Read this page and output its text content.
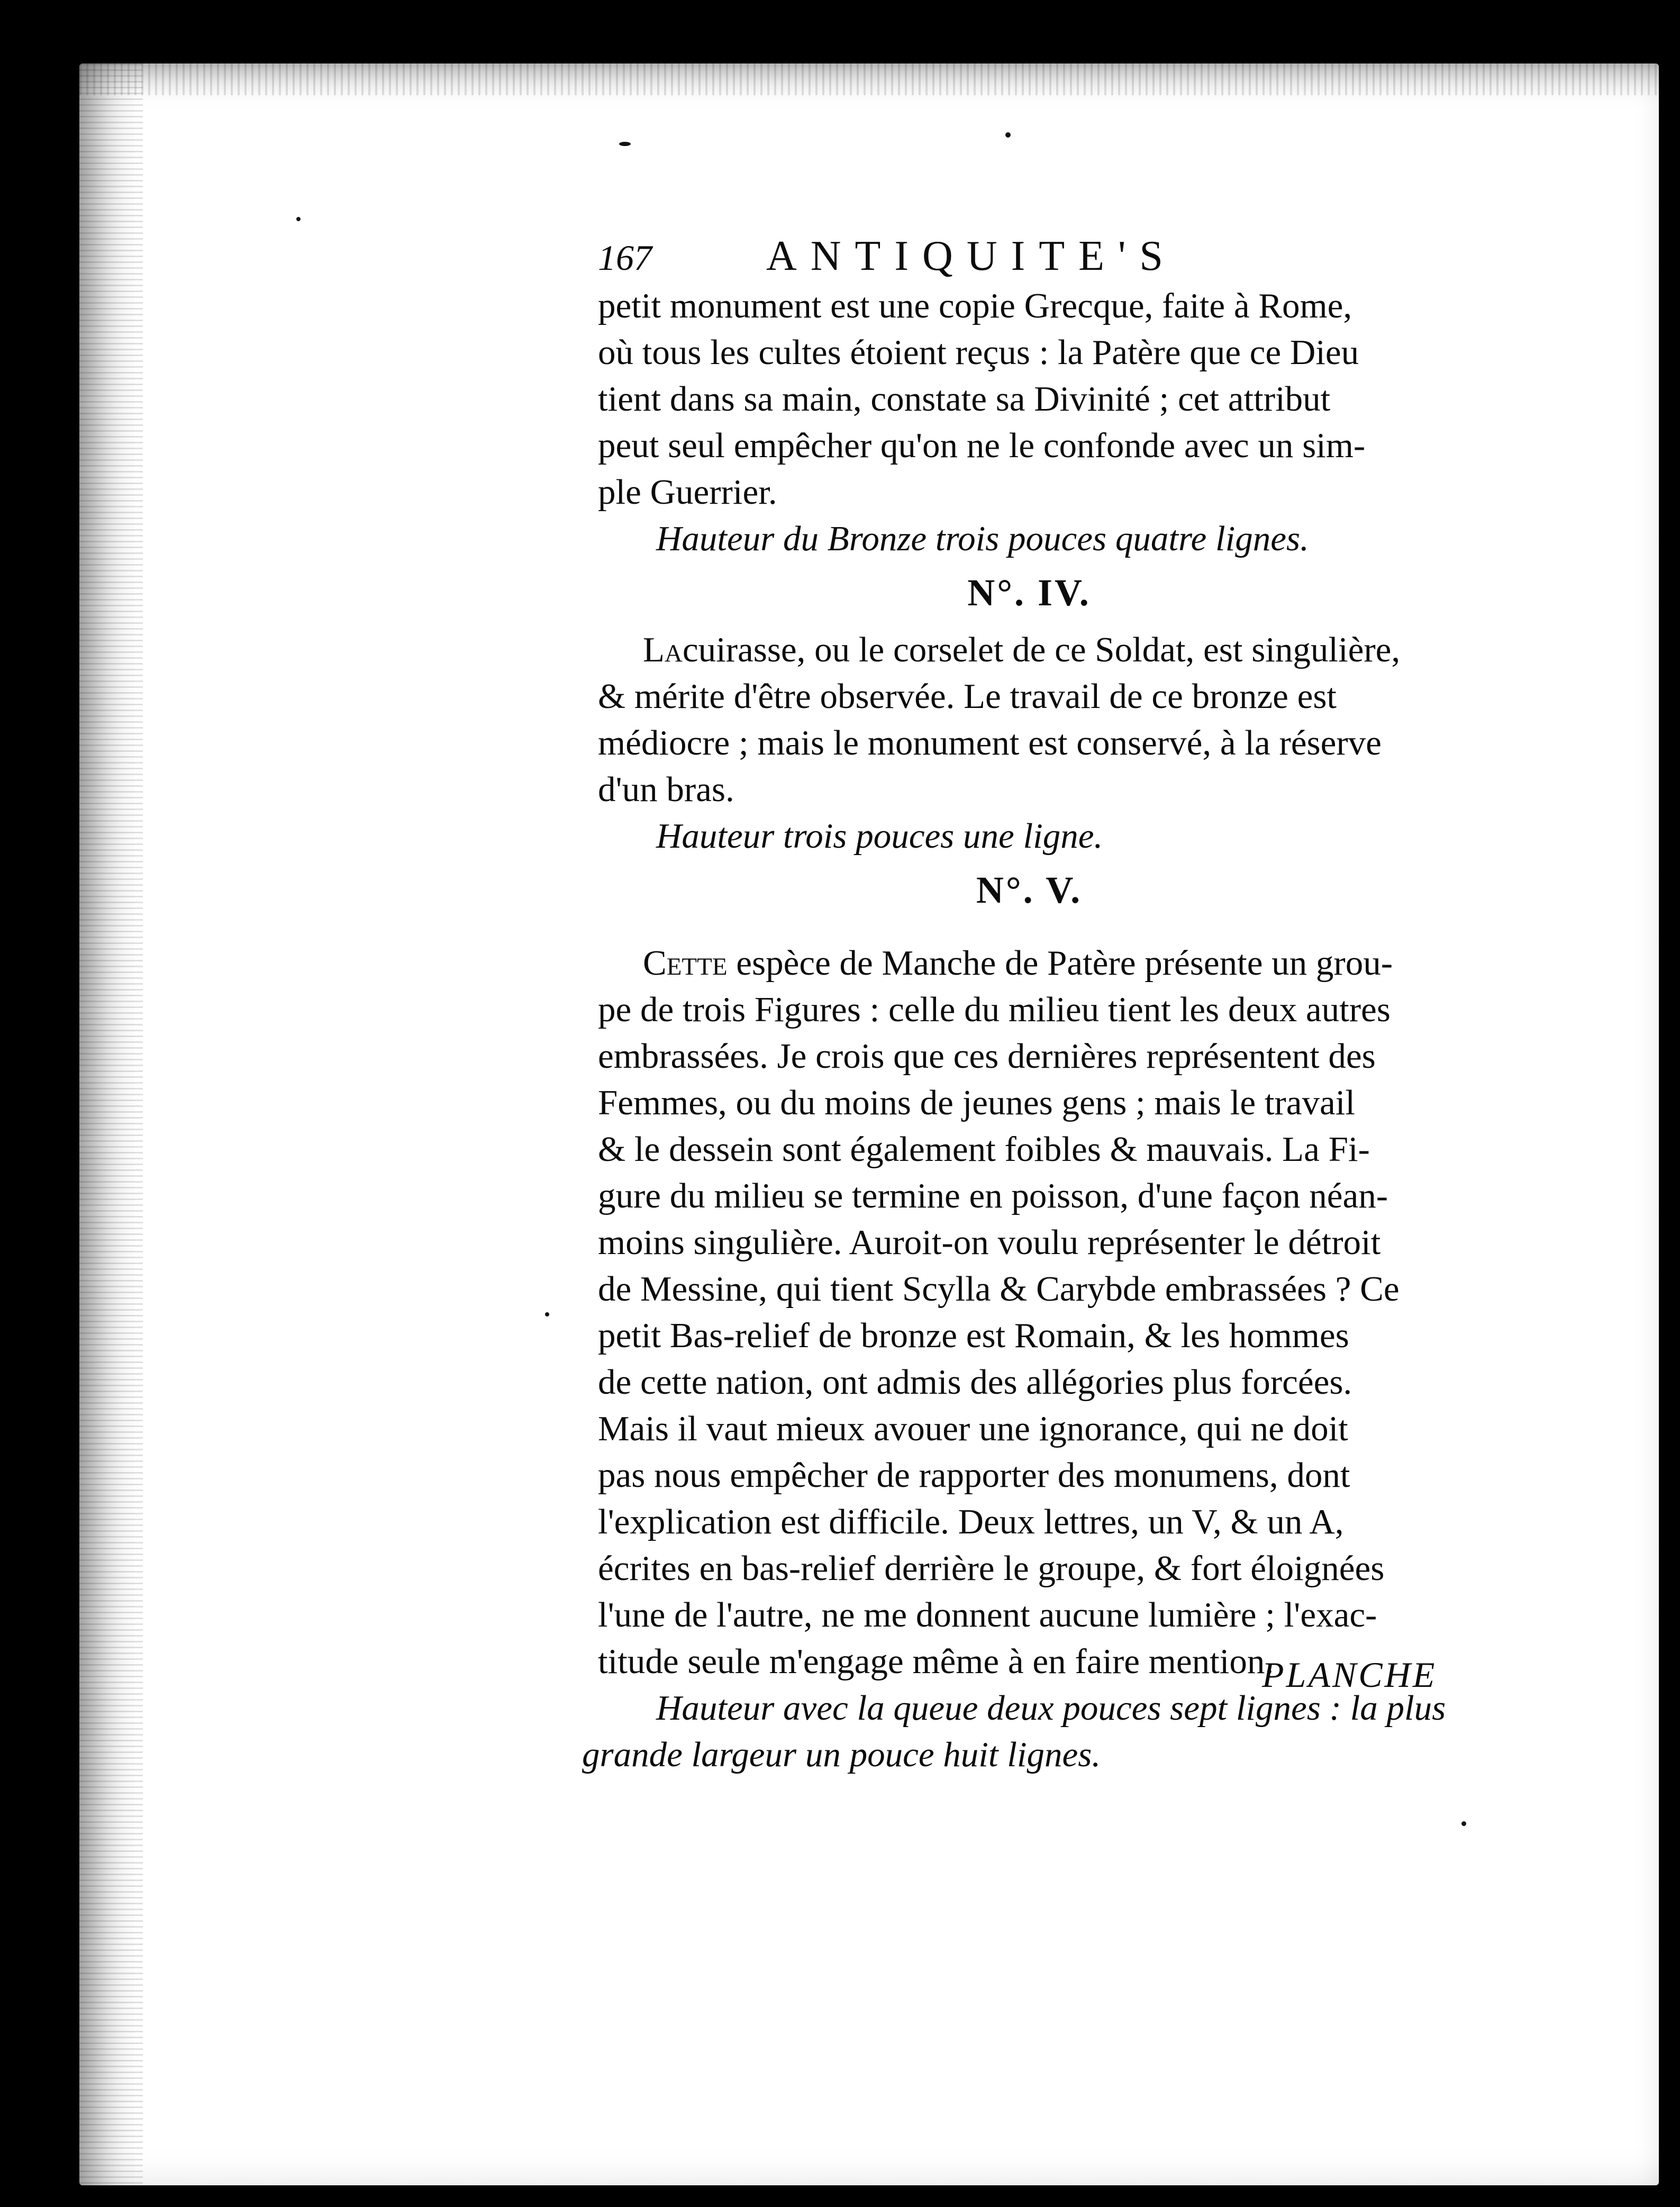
167	ANTIQUITE'S

petit monument est une copie Grecque, faite à Rome,

où tous les cultes étoient reçus : la Patère que ce Dieu

tient dans sa main, constate sa Divinité ; cet attribut

peut seul empêcher qu'on ne le confonde avec un sim-

ple Guerrier.

Hauteur du Bronze trois pouces quatre lignes.

N°. IV.

Lacuirasse, ou le corselet de ce Soldat, est singulière,

& mérite d'être observée. Le travail de ce bronze est

médiocre ; mais le monument est conservé, à la réserve

d'un bras.

Hauteur trois pouces une ligne.

N°. V.

Cette espèce de Manche de Patère présente un grou-

pe de trois Figures : celle du milieu tient les deux autres

embrassées. Je crois que ces dernières représentent des

Femmes, ou du moins de jeunes gens ; mais le travail

& le dessein sont également foibles & mauvais. La Fi-

gure du milieu se termine en poisson, d'une façon néan-

moins singulière. Auroit-on voulu représenter le détroit

de Messine, qui tient Scylla & Carybde embrassées ? Ce

petit Bas-relief de bronze est Romain, & les hommes

de cette nation, ont admis des allégories plus forcées.

Mais il vaut mieux avouer une ignorance, qui ne doit

pas nous empêcher de rapporter des monumens, dont

l'explication est difficile. Deux lettres, un V, & un A,

écrites en bas-relief derrière le groupe, & fort éloignées

l'une de l'autre, ne me donnent aucune lumière ; l'exac-

titude seule m'engage même à en faire mention.

Hauteur avec la queue deux pouces sept lignes : la plus

grande largeur un pouce huit lignes.

PLANCHE
